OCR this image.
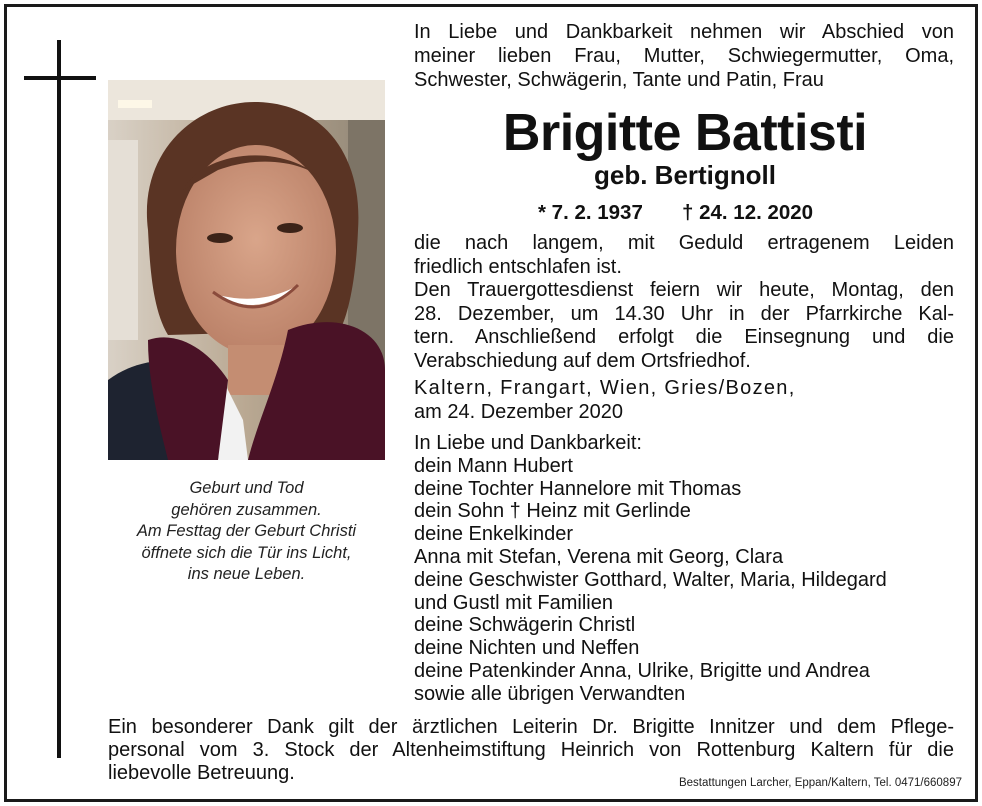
Geburt und Tod
gehören zusammen.
Am Festtag der Geburt Christi
öffnete sich die Tür ins Licht,
ins neue Leben.
In Liebe und Dankbarkeit nehmen wir Abschied von
meiner lieben Frau, Mutter, Schwiegermutter, Oma,
Schwester, Schwägerin, Tante und Patin, Frau
Brigitte Battisti
geb. Bertignoll
* 7. 2. 1937 † 24. 12. 2020
die nach langem, mit Geduld ertragenem Leiden
friedlich entschlafen ist.
Den Trauergottesdienst feiern wir heute, Montag, den
28. Dezember, um 14.30 Uhr in der Pfarrkirche Kal-
tern. Anschließend erfolgt die Einsegnung und die
Verabschiedung auf dem Ortsfriedhof.
Kaltern, Frangart, Wien, Gries/Bozen,
am 24. Dezember 2020
In Liebe und Dankbarkeit:
dein Mann Hubert
deine Tochter Hannelore mit Thomas
dein Sohn † Heinz mit Gerlinde
deine Enkelkinder
Anna mit Stefan, Verena mit Georg, Clara
deine Geschwister Gotthard, Walter, Maria, Hildegard
und Gustl mit Familien
deine Schwägerin Christl
deine Nichten und Neffen
deine Patenkinder Anna, Ulrike, Brigitte und Andrea
sowie alle übrigen Verwandten
Ein besonderer Dank gilt der ärztlichen Leiterin Dr. Brigitte Innitzer und dem Pflege-
personal vom 3. Stock der Altenheimstiftung Heinrich von Rottenburg Kaltern für die
liebevolle Betreuung.	Bestattungen Larcher, Eppan/Kaltern, Tel. 0471/660897
